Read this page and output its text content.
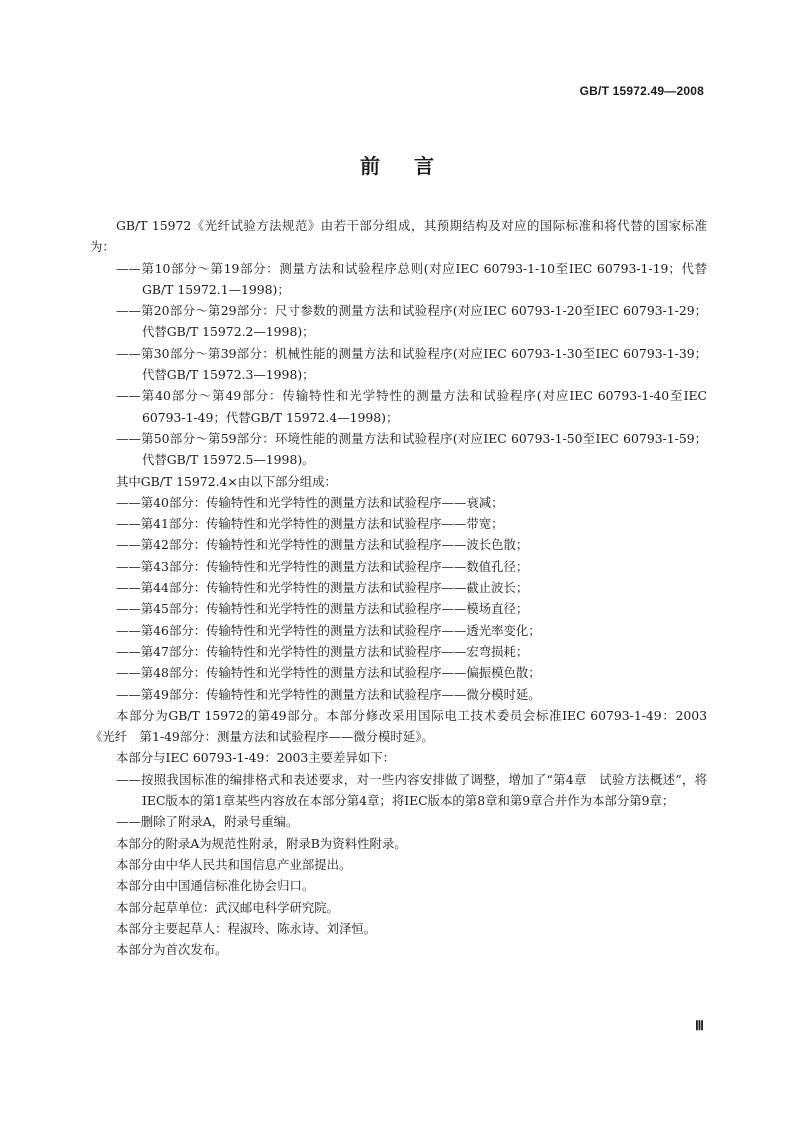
GB/T 15972.49—2008
前 言

GB/T 15972《光纤试验方法规范》由若干部分组成，其预期结构及对应的国际标准和将代替的国家标准为：

——第10部分～第19部分：测量方法和试验程序总则(对应IEC 60793-1-10至IEC 60793-1-19；代替GB/T 15972.1—1998)；

——第20部分～第29部分：尺寸参数的测量方法和试验程序(对应IEC 60793-1-20至IEC 60793-1-29；代替GB/T 15972.2—1998)；

——第30部分～第39部分：机械性能的测量方法和试验程序(对应IEC 60793-1-30至IEC 60793-1-39；代替GB/T 15972.3—1998)；

——第40部分～第49部分：传输特性和光学特性的测量方法和试验程序(对应IEC 60793-1-40至IEC 60793-1-49；代替GB/T 15972.4—1998)；

——第50部分～第59部分：环境性能的测量方法和试验程序(对应IEC 60793-1-50至IEC 60793-1-59；代替GB/T 15972.5—1998)。

其中GB/T 15972.4×由以下部分组成：

——第40部分：传输特性和光学特性的测量方法和试验程序——衰减；

——第41部分：传输特性和光学特性的测量方法和试验程序——带宽；

——第42部分：传输特性和光学特性的测量方法和试验程序——波长色散；

——第43部分：传输特性和光学特性的测量方法和试验程序——数值孔径；

——第44部分：传输特性和光学特性的测量方法和试验程序——截止波长；

——第45部分：传输特性和光学特性的测量方法和试验程序——模场直径；

——第46部分：传输特性和光学特性的测量方法和试验程序——透光率变化；

——第47部分：传输特性和光学特性的测量方法和试验程序——宏弯损耗；

——第48部分：传输特性和光学特性的测量方法和试验程序——偏振模色散；

——第49部分：传输特性和光学特性的测量方法和试验程序——微分模时延。

本部分为GB/T 15972的第49部分。本部分修改采用国际电工技术委员会标准IEC 60793-1-49：2003《光纤　第1-49部分：测量方法和试验程序——微分模时延》。

本部分与IEC 60793-1-49：2003主要差异如下：

——按照我国标准的编排格式和表述要求，对一些内容安排做了调整，增加了“第4章　试验方法概述”，将IEC版本的第1章某些内容放在本部分第4章；将IEC版本的第8章和第9章合并作为本部分第9章；

——删除了附录A，附录号重编。

本部分的附录A为规范性附录，附录B为资料性附录。

本部分由中华人民共和国信息产业部提出。

本部分由中国通信标准化协会归口。

本部分起草单位：武汉邮电科学研究院。

本部分主要起草人：程淑玲、陈永诗、刘泽恒。

本部分为首次发布。

Ⅲ
